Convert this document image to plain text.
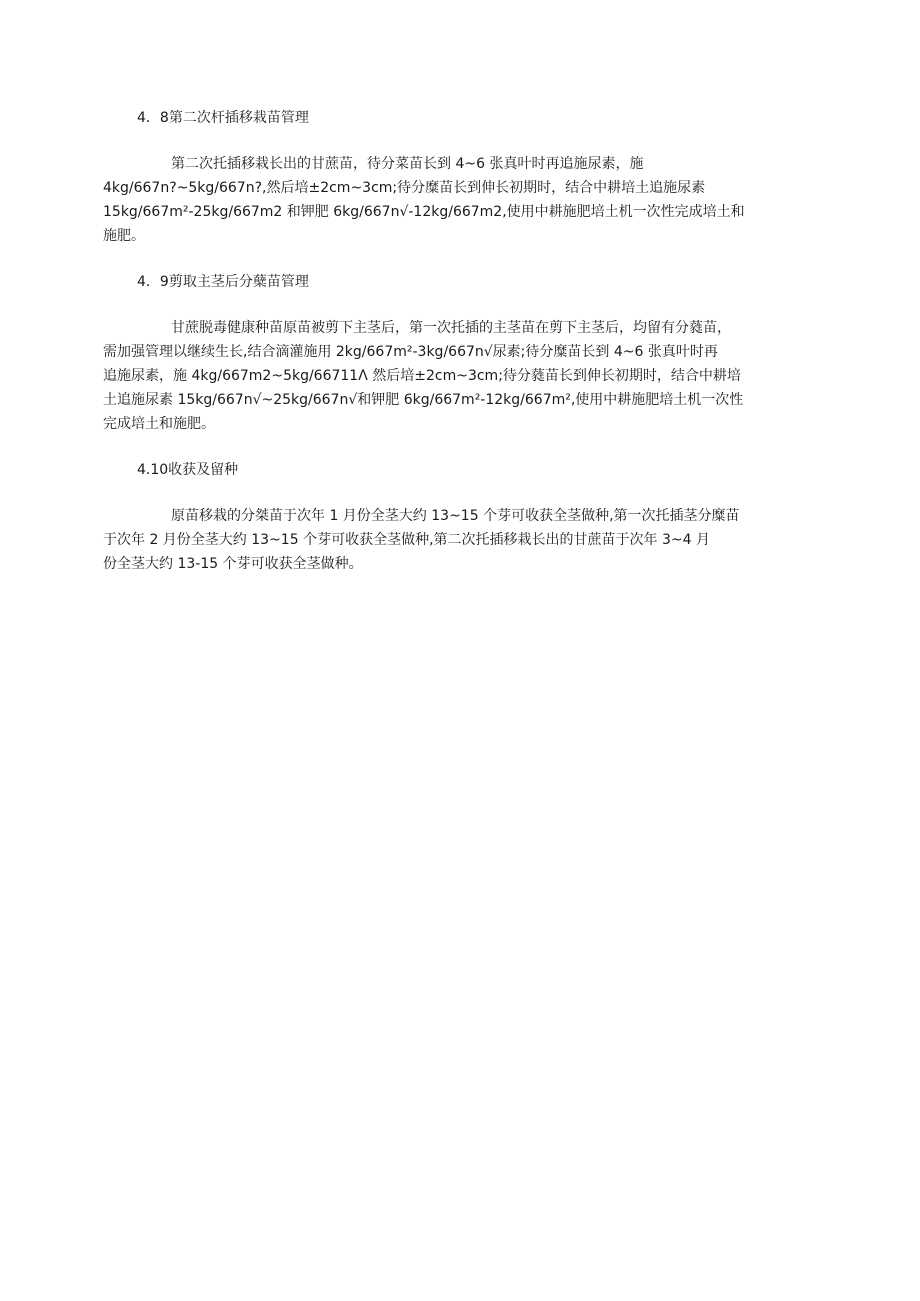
4．8第二次杆插移栽苗管理

第二次托插移栽长出的甘蔗苗，待分菜苗长到 4~6 张真叶时再追施尿素，施
4kg/667n?~5kg/667n?,然后培±2cm~3cm;待分糜苗长到伸长初期时，结合中耕培土追施尿素
15kg/667m²-25kg/667m2 和钾肥 6kg/667n√-12kg/667m2,使用中耕施肥培土机一次性完成培土和
施肥。

4．9剪取主茎后分蘖苗管理

甘蔗脱毒健康种苗原苗被剪下主茎后，第一次托插的主茎苗在剪下主茎后，均留有分蕤苗，
需加强管理以继续生长,结合滴灌施用 2kg/667m²-3kg/667n√尿素;待分糜苗长到 4~6 张真叶时再
追施尿素，施 4kg/667m2~5kg/66711Λ 然后培±2cm~3cm;待分蕤苗长到伸长初期时，结合中耕培
土追施尿素 15kg/667n√~25kg/667n√和钾肥 6kg/667m²-12kg/667m²,使用中耕施肥培土机一次性
完成培土和施肥。

4.10收获及留种

原苗移栽的分桀苗于次年 1 月份全茎大约 13~15 个芽可收获全茎做种,第一次托插茎分糜苗
于次年 2 月份全茎大约 13~15 个芽可收获全茎做种,第二次托插移栽长出的甘蔗苗于次年 3~4 月
份全茎大约 13-15 个芽可收获全茎做种。
